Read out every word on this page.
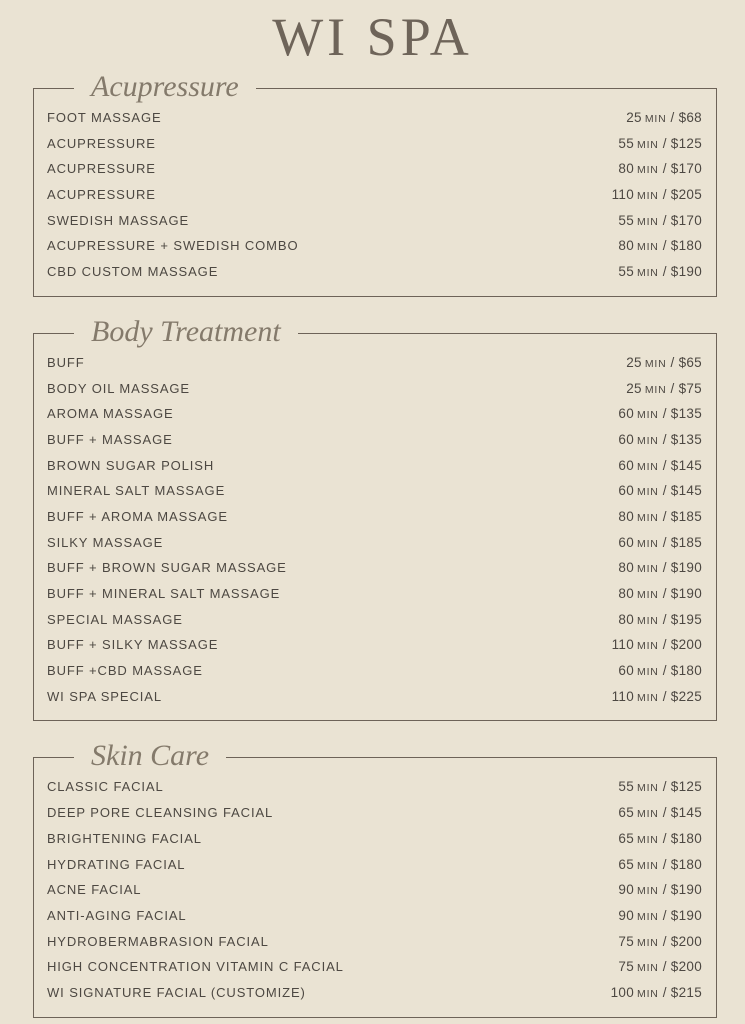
WI SPA
Acupressure
FOOT MASSAGE	25 MIN / $68
ACUPRESSURE	55 MIN / $125
ACUPRESSURE	80 MIN / $170
ACUPRESSURE	110 MIN / $205
SWEDISH MASSAGE	55 MIN / $170
ACUPRESSURE + SWEDISH COMBO	80 MIN / $180
CBD CUSTOM MASSAGE	55 MIN / $190
Body Treatment
BUFF	25 MIN / $65
BODY OIL MASSAGE	25 MIN / $75
AROMA MASSAGE	60 MIN / $135
BUFF + MASSAGE	60 MIN / $135
BROWN SUGAR POLISH	60 MIN / $145
MINERAL SALT MASSAGE	60 MIN / $145
BUFF + AROMA MASSAGE	80 MIN / $185
SILKY MASSAGE	60 MIN / $185
BUFF + BROWN SUGAR MASSAGE	80 MIN / $190
BUFF + MINERAL SALT MASSAGE	80 MIN / $190
SPECIAL MASSAGE	80 MIN / $195
BUFF + SILKY MASSAGE	110 MIN / $200
BUFF +CBD MASSAGE	60 MIN / $180
WI SPA SPECIAL	110 MIN / $225
Skin Care
CLASSIC FACIAL	55 MIN / $125
DEEP PORE CLEANSING FACIAL	65 MIN / $145
BRIGHTENING FACIAL	65 MIN / $180
HYDRATING FACIAL	65 MIN / $180
ACNE FACIAL	90 MIN / $190
ANTI-AGING FACIAL	90 MIN / $190
HYDROBERMABRASION FACIAL	75 MIN / $200
HIGH CONCENTRATION VITAMIN C FACIAL	75 MIN / $200
WI SIGNATURE FACIAL (CUSTOMIZE)	100 MIN / $215
